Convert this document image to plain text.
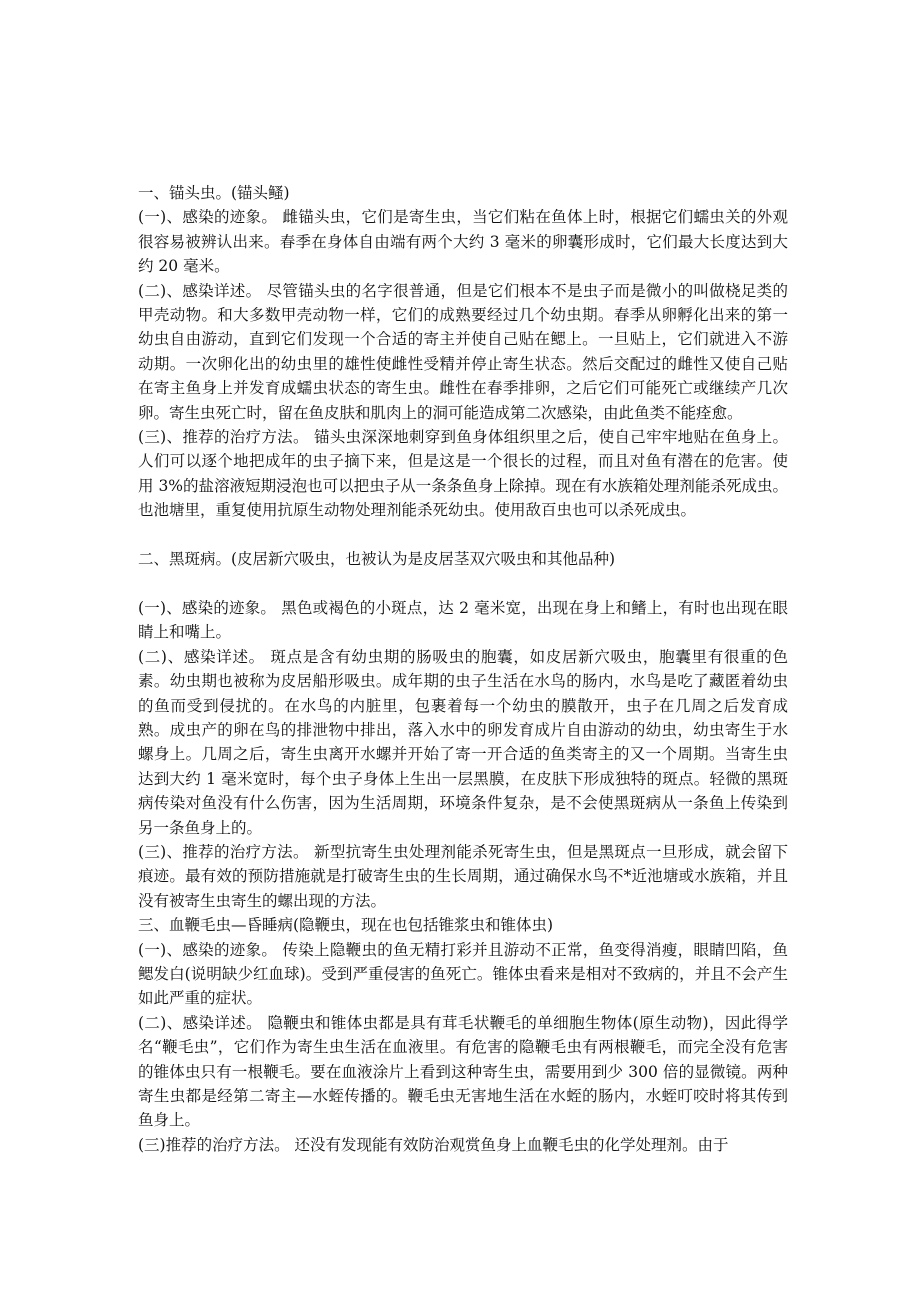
一、锚头虫。(锚头鳋)
(一)、感染的迹象。 雌锚头虫，它们是寄生虫，当它们粘在鱼体上时，根据它们蠕虫关的外观很容易被辨认出来。春季在身体自由端有两个大约 3 毫米的卵囊形成时，它们最大长度达到大约 20 毫米。
(二)、感染详述。 尽管锚头虫的名字很普通，但是它们根本不是虫子而是微小的叫做桡足类的甲壳动物。和大多数甲壳动物一样，它们的成熟要经过几个幼虫期。春季从卵孵化出来的第一幼虫自由游动，直到它们发现一个合适的寄主并使自己贴在鳃上。一旦贴上，它们就进入不游动期。一次卵化出的幼虫里的雄性使雌性受精并停止寄生状态。然后交配过的雌性又使自己贴在寄主鱼身上并发育成蠕虫状态的寄生虫。雌性在春季排卵，之后它们可能死亡或继续产几次卵。寄生虫死亡时，留在鱼皮肤和肌肉上的洞可能造成第二次感染，由此鱼类不能痊愈。
(三)、推荐的治疗方法。 锚头虫深深地刺穿到鱼身体组织里之后，使自己牢牢地贴在鱼身上。人们可以逐个地把成年的虫子摘下来，但是这是一个很长的过程，而且对鱼有潜在的危害。使用 3%的盐溶液短期浸泡也可以把虫子从一条条鱼身上除掉。现在有水族箱处理剂能杀死成虫。也池塘里，重复使用抗原生动物处理剂能杀死幼虫。使用敌百虫也可以杀死成虫。
二、黑斑病。(皮居新穴吸虫，也被认为是皮居茎双穴吸虫和其他品种)
(一)、感染的迹象。 黑色或褐色的小斑点，达 2 毫米宽，出现在身上和鳍上，有时也出现在眼睛上和嘴上。
(二)、感染详述。 斑点是含有幼虫期的肠吸虫的胞囊，如皮居新穴吸虫，胞囊里有很重的色素。幼虫期也被称为皮居船形吸虫。成年期的虫子生活在水鸟的肠内，水鸟是吃了藏匿着幼虫的鱼而受到侵扰的。在水鸟的内脏里，包裹着每一个幼虫的膜散开，虫子在几周之后发育成熟。成虫产的卵在鸟的排泄物中排出，落入水中的卵发育成片自由游动的幼虫，幼虫寄生于水螺身上。几周之后，寄生虫离开水螺并开始了寄一开合适的鱼类寄主的又一个周期。当寄生虫达到大约 1 毫米宽时，每个虫子身体上生出一层黑膜，在皮肤下形成独特的斑点。轻微的黑斑病传染对鱼没有什么伤害，因为生活周期，环境条件复杂，是不会使黑斑病从一条鱼上传染到另一条鱼身上的。
(三)、推荐的治疗方法。 新型抗寄生虫处理剂能杀死寄生虫，但是黑斑点一旦形成，就会留下痕迹。最有效的预防措施就是打破寄生虫的生长周期，通过确保水鸟不*近池塘或水族箱，并且没有被寄生虫寄生的螺出现的方法。
三、血鞭毛虫—昏睡病(隐鞭虫，现在也包括锥浆虫和锥体虫)
(一)、感染的迹象。 传染上隐鞭虫的鱼无精打彩并且游动不正常，鱼变得消瘦，眼睛凹陷，鱼鳃发白(说明缺少红血球)。受到严重侵害的鱼死亡。锥体虫看来是相对不致病的，并且不会产生如此严重的症状。
(二)、感染详述。 隐鞭虫和锥体虫都是具有茸毛状鞭毛的单细胞生物体(原生动物)，因此得学名“鞭毛虫”，它们作为寄生虫生活在血液里。有危害的隐鞭毛虫有两根鞭毛，而完全没有危害的锥体虫只有一根鞭毛。要在血液涂片上看到这种寄生虫，需要用到少 300 倍的显微镜。两种寄生虫都是经第二寄主—水蛭传播的。鞭毛虫无害地生活在水蛭的肠内，水蛭叮咬时将其传到鱼身上。
(三)推荐的治疗方法。 还没有发现能有效防治观赏鱼身上血鞭毛虫的化学处理剂。由于
